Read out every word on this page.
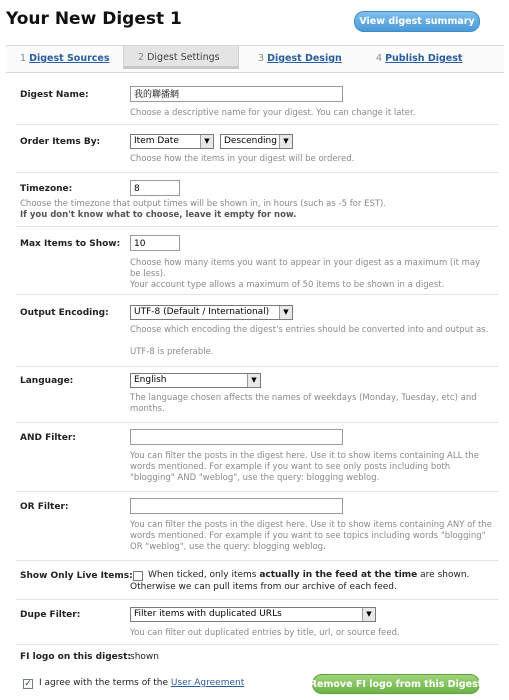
Your New Digest 1	View digest summary
1 Digest Sources	2 Digest Settings	3 Digest Design	4 Publish Digest
Digest Name:	我的聯播網
Choose a descriptive name for your digest. You can change it later.
Order Items By:	Item Date	▼	Descending ▼
Choose how the items in your digest will be ordered.
Timezone:	8
Choose the timezone that output times will be shown in, in hours (such as -5 for EST).
If you don't know what to choose, leave it empty for now.
Max Items to Show:	10
Choose how many items you want to appear in your digest as a maximum (it may be less).
Your account type allows a maximum of 50 items to be shown in a digest.
Output Encoding:	UTF-8 (Default / International)	▼
Choose which encoding the digest's entries should be converted into and output as.
UTF-8 is preferable.
Language:	English	▼
The language chosen affects the names of weekdays (Monday, Tuesday, etc) and months.
AND Filter:
You can filter the posts in the digest here. Use it to show items containing ALL the words mentioned. For example if you want to see only posts including both "blogging" AND "weblog", use the query: blogging weblog.
OR Filter:
You can filter the posts in the digest here. Use it to show items containing ANY of the words mentioned. For example if you want to see topics including words "blogging" OR "weblog", use the query: blogging weblog.
Show Only Live Items: When ticked, only items actually in the feed at the time are shown.
Otherwise we can pull items from our archive of each feed.
Dupe Filter:	Filter items with duplicated URLs	▼
You can filter out duplicated entries by title, url, or source feed.
FI logo on this digest: shown
✓ I agree with the terms of the User Agreement	Remove FI logo from this Digest
